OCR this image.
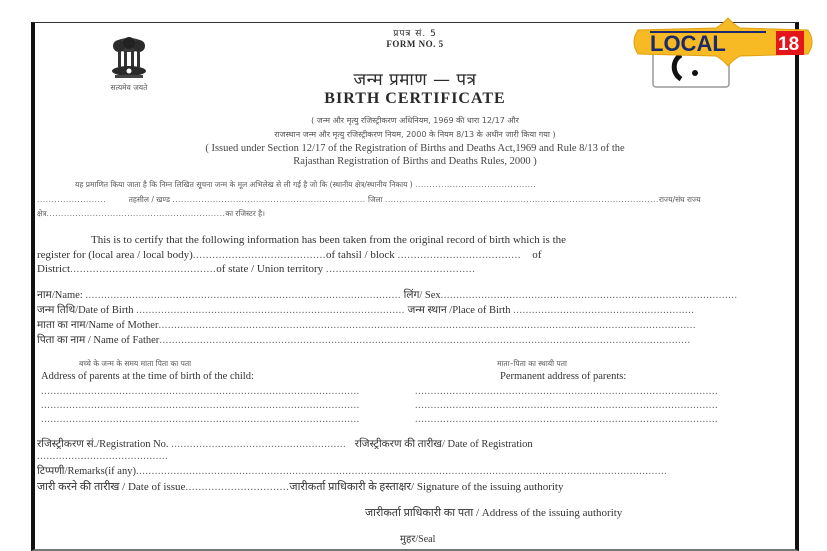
सत्यमेव जयते
प्रपत्र सं. 5
FORM NO. 5
जन्म प्रमाण — पत्र
BIRTH CERTIFICATE
( जन्म और मृत्यु रजिस्ट्रीकरण अधिनियम, 1969 की धारा 12/17 और
राजस्थान जन्म और मृत्यु रजिस्ट्रीकरण नियम, 2000 के नियम 8/13 के अधीन जारी किया गया )
( Issued under Section 12/17 of the Registration of Births and Deaths Act,1969 and Rule 8/13 of the
Rajasthan Registration of Births and Deaths Rules, 2000 )
यह प्रमाणित किया जाता है कि निम्न लिखित सूचना जन्म के मूल अभिलेख से ली गई है जो कि (स्थानीय क्षेत्र/स्थानीय निकाय ) ..........................................
........................	तहसील / खण्ड ................................................................... जिला ...............................................................................................राज्य/संघ राज्य
क्षेत्र..............................................................का रजिस्टर है।
This is to certify that the following information has been taken from the original record of birth which is the
register for (local area / local body).........................................of tahsil / block ...................................... of
District.............................................of state / Union territory ..............................................
नाम/Name: ..................................................................................................... लिंग/ Sex...............................................................................................
जन्म तिथि/Date of Birth ...................................................................................... जन्म स्थान /Place of Birth ..........................................................
माता का नाम/Name of Mother............................................................................................................................................................................
पिता का नाम / Name of Father..........................................................................................................................................................................
बच्चे के जन्म के समय माता पिता का पता
Address of parents at the time of birth of the child:
माता–पिता का स्थायी पता
Permanent address of parents:
......................................................................................................
......................................................................................................
......................................................................................................
.................................................................................................
.................................................................................................
.................................................................................................
रजिस्ट्रीकरण सं./Registration No. ........................................................ रजिस्ट्रीकरण की तारीख/ Date of Registration
..........................................
टिप्पणी/Remarks(if any)..........................................................................................................................................................................
जारी करने की तारीख / Date of issue................................जारीकर्ता प्राधिकारी के हस्ताक्षर/ Signature of the issuing authority
जारीकर्ता प्राधिकारी का पता / Address of the issuing authority
मुहर/Seal
LOCAL	18
